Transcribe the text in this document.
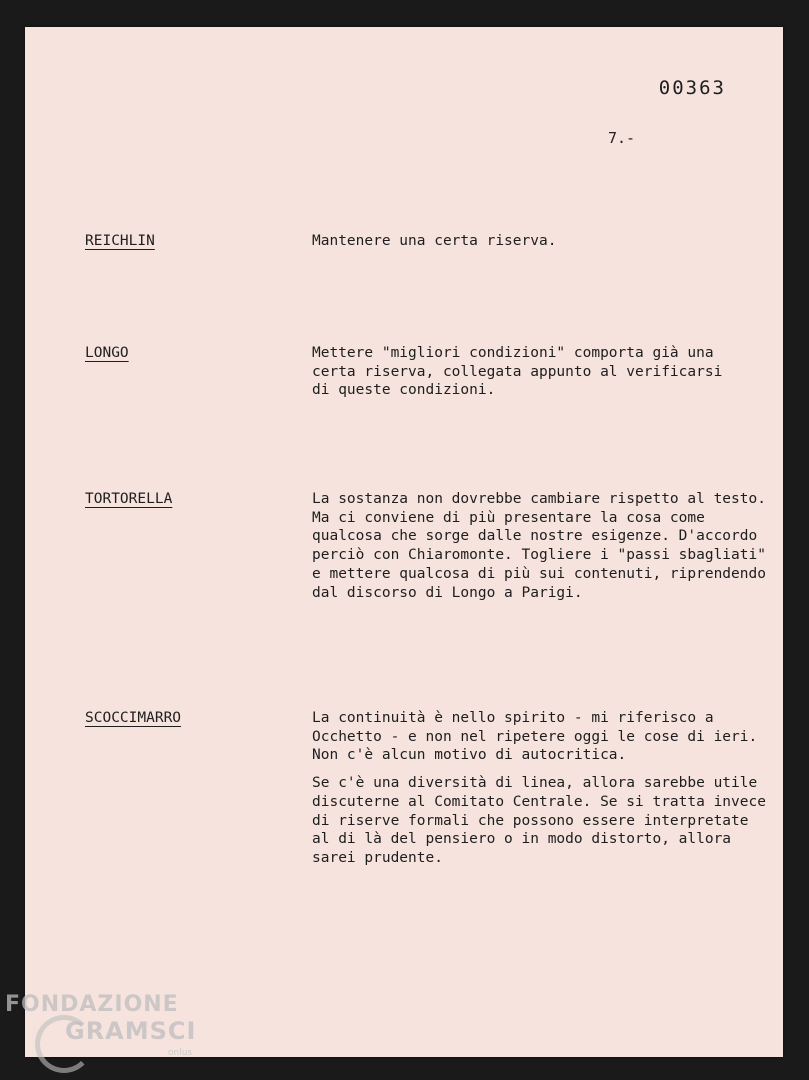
00363
7.-
REICHLIN	Mantenere una certa riserva.

LONGO	Mettere "migliori condizioni" comporta già una certa riserva, collegata appunto al verificarsi di queste condizioni.

TORTORELLA	La sostanza non dovrebbe cambiare rispetto al testo. Ma ci conviene di più presentare la cosa come qualcosa che sorge dalle nostre esigenze. D'accordo perciò con Chiaromonte. Togliere i "passi sbagliati" e mettere qualcosa di più sui contenuti, riprendendo dal discorso di Longo a Parigi.

SCOCCIMARRO	La continuità è nello spirito - mi riferisco a Occhetto - e non nel ripetere oggi le cose di ieri. Non c'è alcun motivo di autocritica.

Se c'è una diversità di linea, allora sarebbe utile discuterne al Comitato Centrale. Se si tratta invece di riserve formali che possono essere interpretate al di là del pensiero o in modo distorto, allora sarei prudente.

FONDAZIONE
GRAMSCI
onlus
